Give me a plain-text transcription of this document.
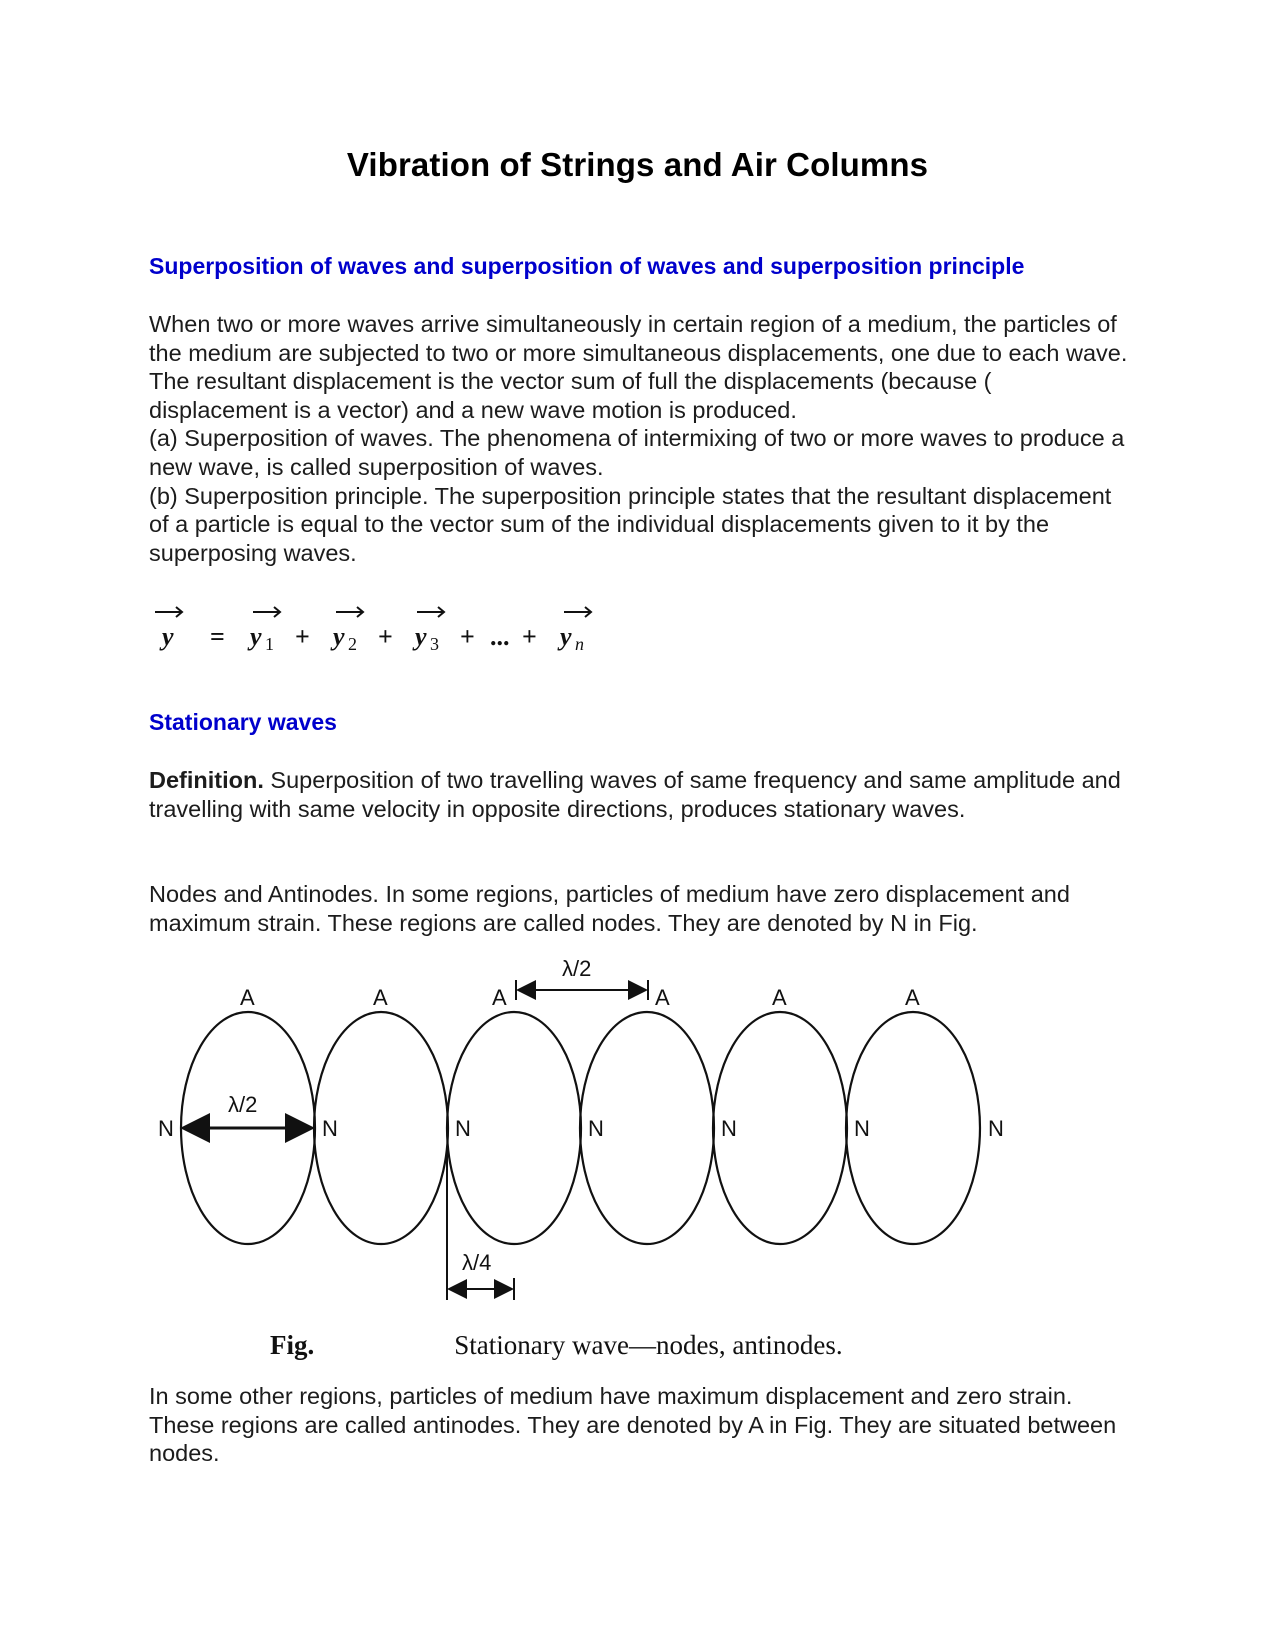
Vibration of Strings and Air Columns
Superposition of waves and superposition of waves and superposition principle

When two or more waves arrive simultaneously in certain region of a medium, the particles of the medium are subjected to two or more simultaneous displacements, one due to each wave. The resultant displacement is the vector sum of full the displacements (because ( displacement is a vector) and a new wave motion is produced.

(a) Superposition of waves. The phenomena of intermixing of two or more waves to produce a new wave, is called superposition of waves.

(b) Superposition principle. The superposition principle states that the resultant displacement of a particle is equal to the vector sum of the individual displacements given to it by the superposing waves.

y = y 1 + y 2 + y 3 + ... + y n
Stationary waves

Definition. Superposition of two travelling waves of same frequency and same amplitude and travelling with same velocity in opposite directions, produces stationary waves.

Nodes and Antinodes. In some regions, particles of medium have zero displacement and maximum strain. These regions are called nodes. They are denoted by N in Fig.
A	A	A	A	A	A
N	N	N	N	N	N	N
λ/2
λ/2
λ/4
Fig.	Stationary wave—nodes, antinodes.
In some other regions, particles of medium have maximum displacement and zero strain. These regions are called antinodes. They are denoted by A in Fig. They are situated between nodes.
